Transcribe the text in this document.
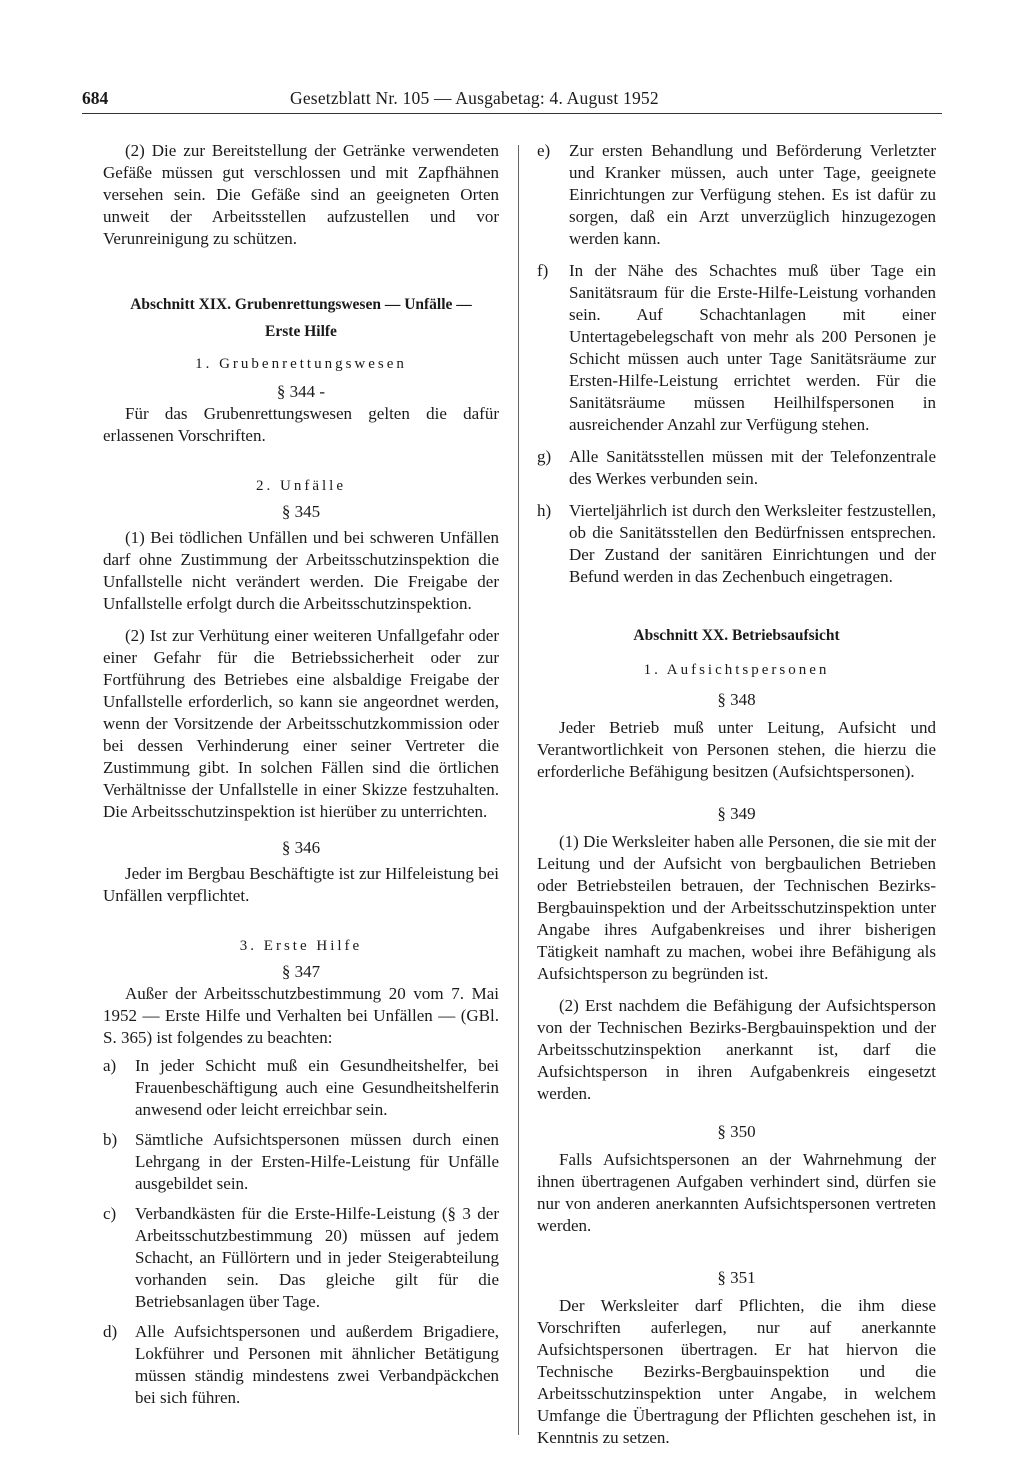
684	Gesetzblatt Nr. 105 — Ausgabetag: 4. August 1952

(2) Die zur Bereitstellung der Getränke verwendeten Gefäße müssen gut verschlossen und mit Zapfhähnen versehen sein. Die Gefäße sind an geeigneten Orten unweit der Arbeitsstellen aufzustellen und vor Verunreinigung zu schützen.

Abschnitt XIX. Grubenrettungswesen — Unfälle —
Erste Hilfe
1. Grubenrettungswesen
§ 344 -

Für das Grubenrettungswesen gelten die dafür erlassenen Vorschriften.

2. Unfälle
§ 345

(1) Bei tödlichen Unfällen und bei schweren Unfällen darf ohne Zustimmung der Arbeitsschutzinspektion die Unfallstelle nicht verändert werden. Die Freigabe der Unfallstelle erfolgt durch die Arbeitsschutzinspektion.

(2) Ist zur Verhütung einer weiteren Unfallgefahr oder einer Gefahr für die Betriebssicherheit oder zur Fortführung des Betriebes eine alsbaldige Freigabe der Unfallstelle erforderlich, so kann sie angeordnet werden, wenn der Vorsitzende der Arbeitsschutzkommission oder bei dessen Verhinderung einer seiner Vertreter die Zustimmung gibt. In solchen Fällen sind die örtlichen Verhältnisse der Unfallstelle in einer Skizze festzuhalten. Die Arbeitsschutzinspektion ist hierüber zu unterrichten.

§ 346

Jeder im Bergbau Beschäftigte ist zur Hilfeleistung bei Unfällen verpflichtet.

3. Erste Hilfe
§ 347

Außer der Arbeitsschutzbestimmung 20 vom 7. Mai 1952 — Erste Hilfe und Verhalten bei Unfällen — (GBl. S. 365) ist folgendes zu beachten:

a)	In jeder Schicht muß ein Gesundheitshelfer, bei Frauenbeschäftigung auch eine Gesundheitshelferin anwesend oder leicht erreichbar sein.

b)	Sämtliche Aufsichtspersonen müssen durch einen Lehrgang in der Ersten-Hilfe-Leistung für Unfälle ausgebildet sein.

c)	Verbandkästen für die Erste-Hilfe-Leistung (§ 3 der Arbeitsschutzbestimmung 20) müssen auf jedem Schacht, an Füllörtern und in jeder Steigerabteilung vorhanden sein. Das gleiche gilt für die Betriebsanlagen über Tage.

d)	Alle Aufsichtspersonen und außerdem Brigadiere, Lokführer und Personen mit ähnlicher Betätigung müssen ständig mindestens zwei Verbandpäckchen bei sich führen.

e)	Zur ersten Behandlung und Beförderung Verletzter und Kranker müssen, auch unter Tage, geeignete Einrichtungen zur Verfügung stehen. Es ist dafür zu sorgen, daß ein Arzt unverzüglich hinzugezogen werden kann.

f)	In der Nähe des Schachtes muß über Tage ein Sanitätsraum für die Erste-Hilfe-Leistung vorhanden sein. Auf Schachtanlagen mit einer Untertagebelegschaft von mehr als 200 Personen je Schicht müssen auch unter Tage Sanitätsräume zur Ersten-Hilfe-Leistung errichtet werden. Für die Sanitätsräume müssen Heilhilfspersonen in ausreichender Anzahl zur Verfügung stehen.

g)	Alle Sanitätsstellen müssen mit der Telefonzentrale des Werkes verbunden sein.

h)	Vierteljährlich ist durch den Werksleiter festzustellen, ob die Sanitätsstellen den Bedürfnissen entsprechen. Der Zustand der sanitären Einrichtungen und der Befund werden in das Zechenbuch eingetragen.

Abschnitt XX. Betriebsaufsicht
1. Aufsichtspersonen
§ 348

Jeder Betrieb muß unter Leitung, Aufsicht und Verantwortlichkeit von Personen stehen, die hierzu die erforderliche Befähigung besitzen (Aufsichtspersonen).

§ 349

(1) Die Werksleiter haben alle Personen, die sie mit der Leitung und der Aufsicht von bergbaulichen Betrieben oder Betriebsteilen betrauen, der Technischen Bezirks-Bergbauinspektion und der Arbeitsschutzinspektion unter Angabe ihres Aufgabenkreises und ihrer bisherigen Tätigkeit namhaft zu machen, wobei ihre Befähigung als Aufsichtsperson zu begründen ist.

(2) Erst nachdem die Befähigung der Aufsichtsperson von der Technischen Bezirks-Bergbauinspektion und der Arbeitsschutzinspektion anerkannt ist, darf die Aufsichtsperson in ihren Aufgabenkreis eingesetzt werden.

§ 350

Falls Aufsichtspersonen an der Wahrnehmung der ihnen übertragenen Aufgaben verhindert sind, dürfen sie nur von anderen anerkannten Aufsichtspersonen vertreten werden.

§ 351

Der Werksleiter darf Pflichten, die ihm diese Vorschriften auferlegen, nur auf anerkannte Aufsichtspersonen übertragen. Er hat hiervon die Technische Bezirks-Bergbauinspektion und die Arbeitsschutzinspektion unter Angabe, in welchem Umfange die Übertragung der Pflichten geschehen ist, in Kenntnis zu setzen.
